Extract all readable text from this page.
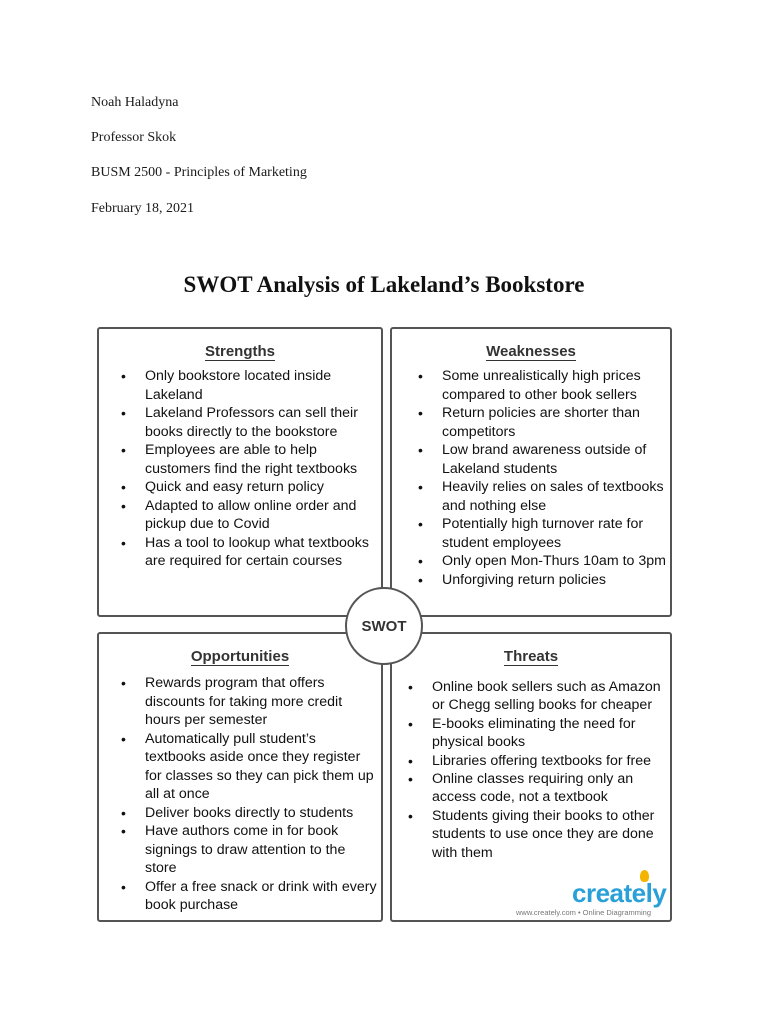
Noah Haladyna
Professor Skok
BUSM 2500 - Principles of Marketing
February 18, 2021
SWOT Analysis of Lakeland’s Bookstore
Strengths
• Only bookstore located inside Lakeland
• Lakeland Professors can sell their books directly to the bookstore
• Employees are able to help customers find the right textbooks
• Quick and easy return policy
• Adapted to allow online order and pickup due to Covid
• Has a tool to lookup what textbooks are required for certain courses
Weaknesses
• Some unrealistically high prices compared to other book sellers
• Return policies are shorter than competitors
• Low brand awareness outside of Lakeland students
• Heavily relies on sales of textbooks and nothing else
• Potentially high turnover rate for student employees
• Only open Mon-Thurs 10am to 3pm
• Unforgiving return policies
Opportunities
• Rewards program that offers discounts for taking more credit hours per semester
• Automatically pull student’s textbooks aside once they register for classes so they can pick them up all at once
• Deliver books directly to students
• Have authors come in for book signings to draw attention to the store
• Offer a free snack or drink with every book purchase
Threats
• Online book sellers such as Amazon or Chegg selling books for cheaper
• E-books eliminating the need for physical books
• Libraries offering textbooks for free
• Online classes requiring only an access code, not a textbook
• Students giving their books to other students to use once they are done with them
SWOT
creately
www.creately.com • Online Diagramming
